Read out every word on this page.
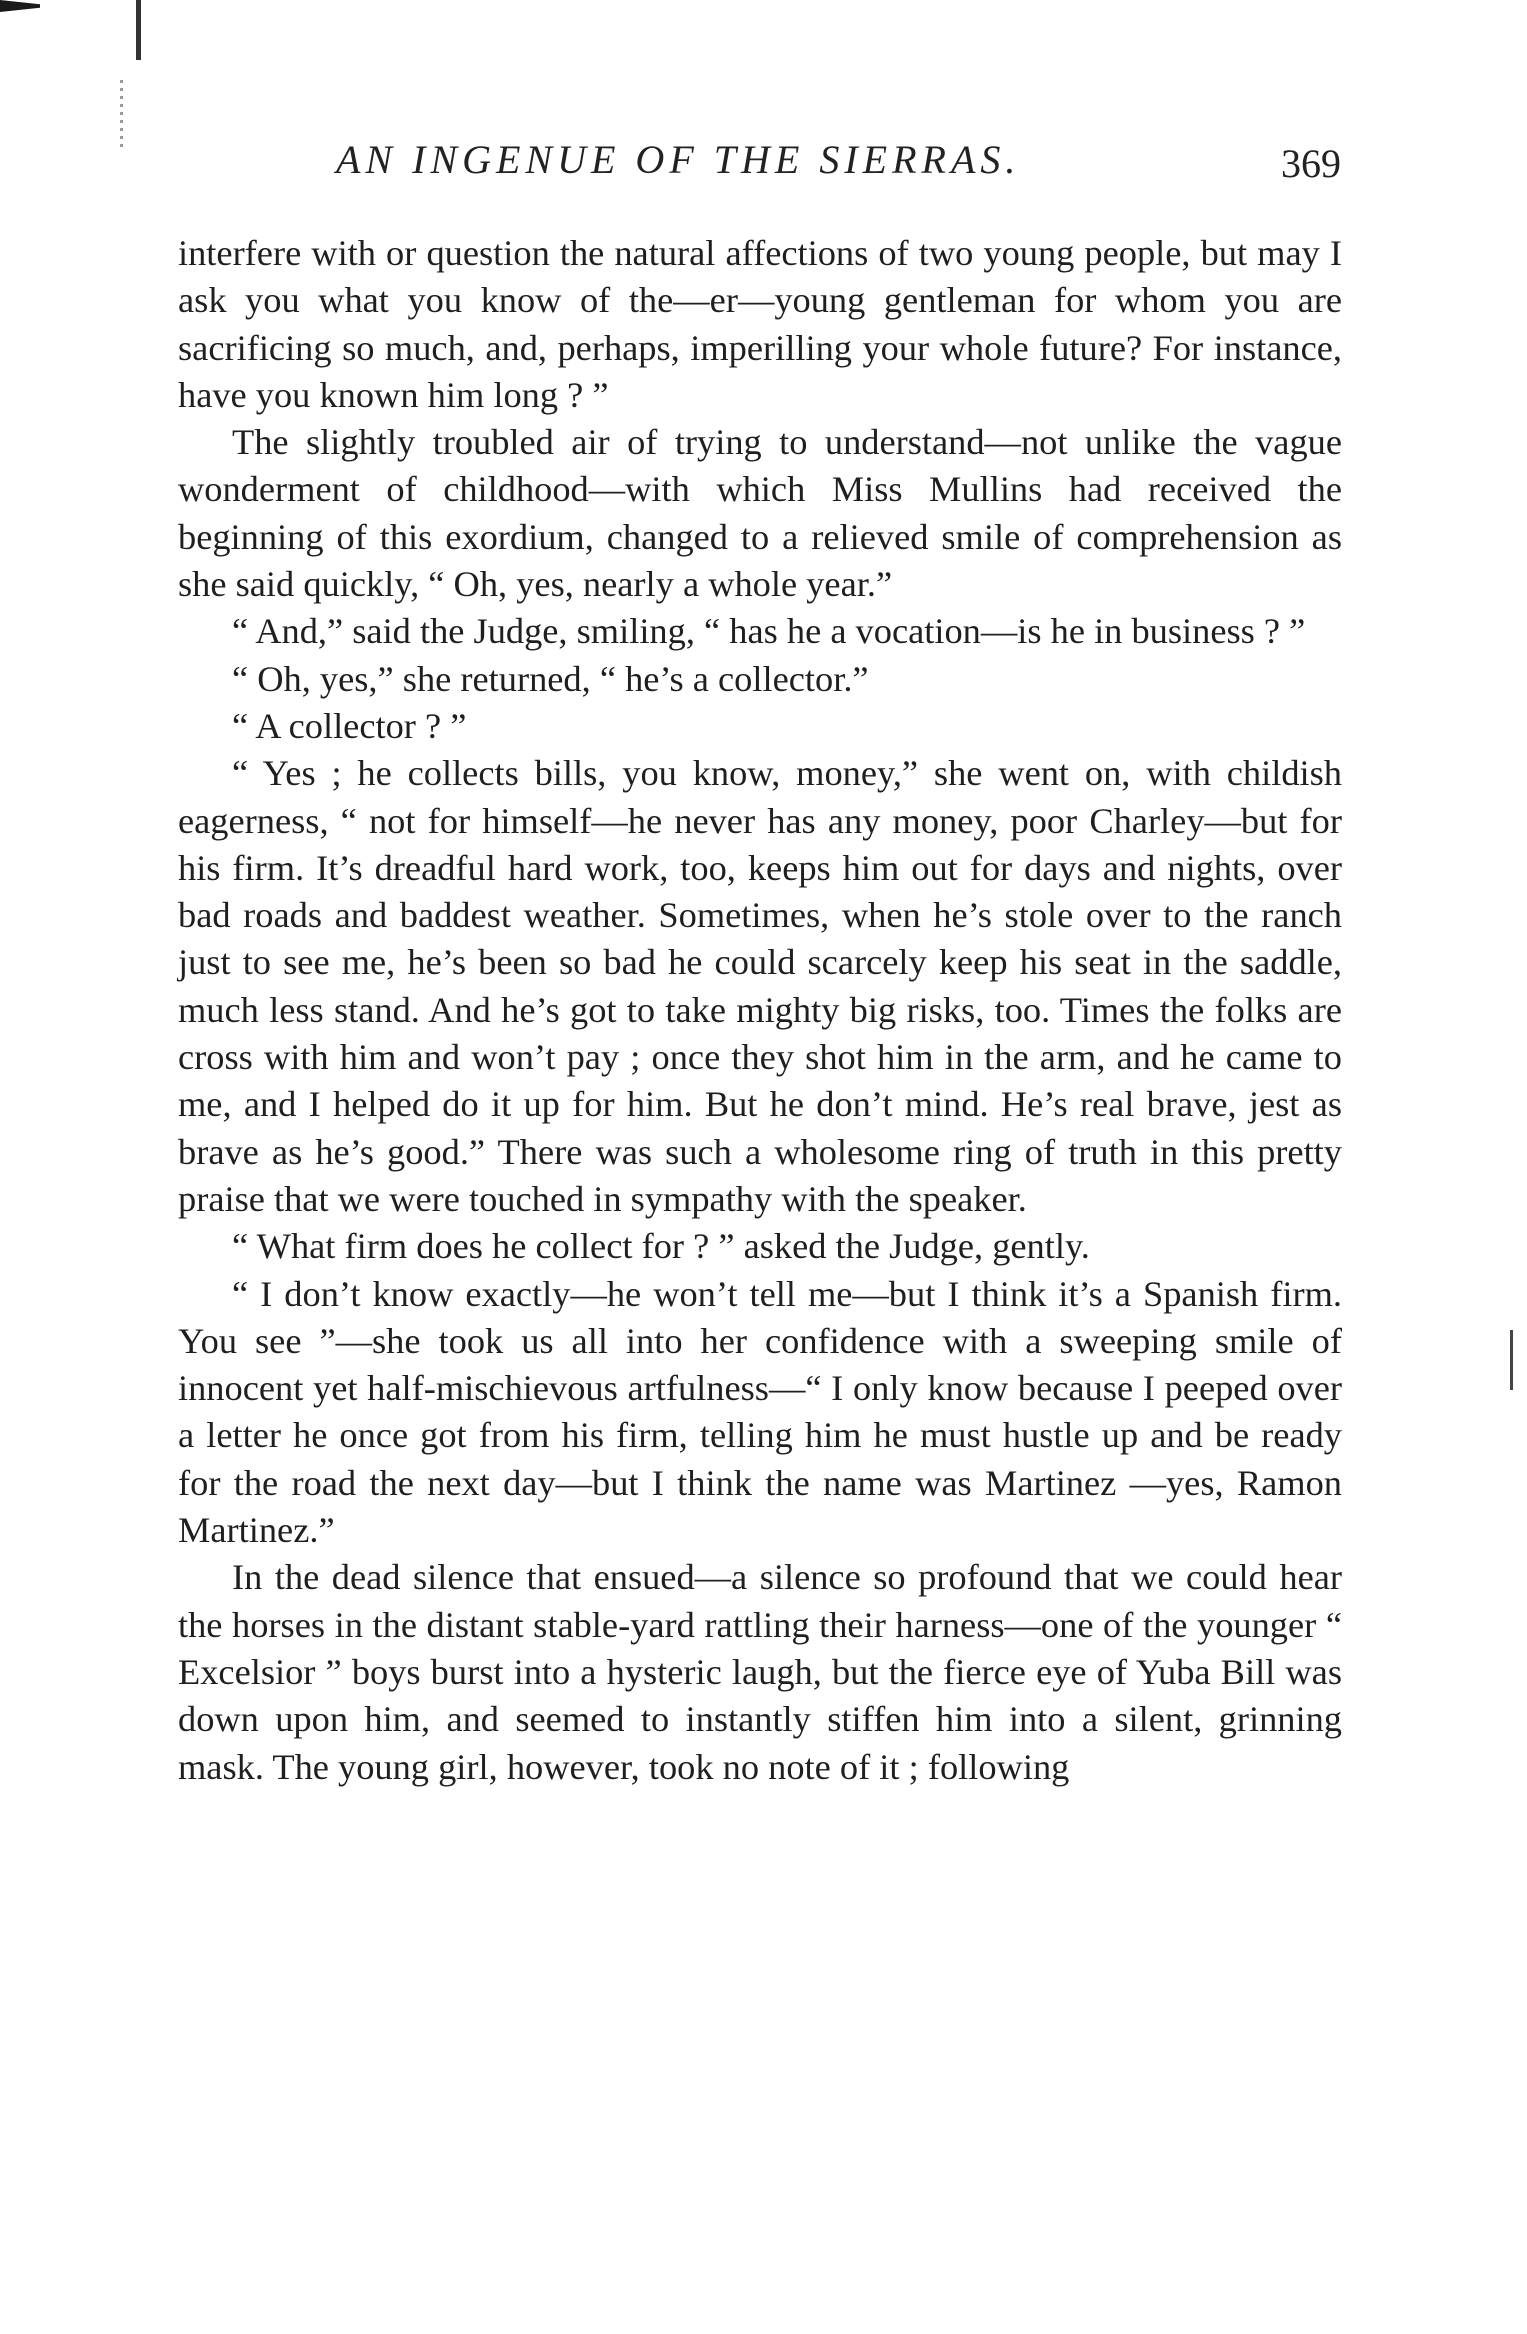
AN INGENUE OF THE SIERRAS.	369

interfere with or question the natural affections of two young people, but may I ask you what you know of the—er—young gentleman for whom you are sacrificing so much, and, perhaps, imperilling your whole future? For instance, have you known him long ? ”

The slightly troubled air of trying to understand—not unlike the vague wonderment of childhood—with which Miss Mullins had received the beginning of this exordium, changed to a relieved smile of comprehension as she said quickly, “ Oh, yes, nearly a whole year.”

“ And,” said the Judge, smiling, “ has he a vocation—is he in business ? ”

“ Oh, yes,” she returned, “ he’s a collector.”

“ A collector ? ”

“ Yes ; he collects bills, you know, money,” she went on, with childish eagerness, “ not for himself—he never has any money, poor Charley—but for his firm. It’s dreadful hard work, too, keeps him out for days and nights, over bad roads and baddest weather. Sometimes, when he’s stole over to the ranch just to see me, he’s been so bad he could scarcely keep his seat in the saddle, much less stand. And he’s got to take mighty big risks, too. Times the folks are cross with him and won’t pay ; once they shot him in the arm, and he came to me, and I helped do it up for him. But he don’t mind. He’s real brave, jest as brave as he’s good.” There was such a wholesome ring of truth in this pretty praise that we were touched in sympathy with the speaker.

“ What firm does he collect for ? ” asked the Judge, gently.

“ I don’t know exactly—he won’t tell me—but I think it’s a Spanish firm. You see ”—she took us all into her confidence with a sweeping smile of innocent yet half-mischievous artfulness—“ I only know because I peeped over a letter he once got from his firm, telling him he must hustle up and be ready for the road the next day—but I think the name was Martinez —yes, Ramon Martinez.”

In the dead silence that ensued—a silence so profound that we could hear the horses in the distant stable-yard rattling their harness—one of the younger “ Excelsior ” boys burst into a hysteric laugh, but the fierce eye of Yuba Bill was down upon him, and seemed to instantly stiffen him into a silent, grinning mask. The young girl, however, took no note of it ; following
